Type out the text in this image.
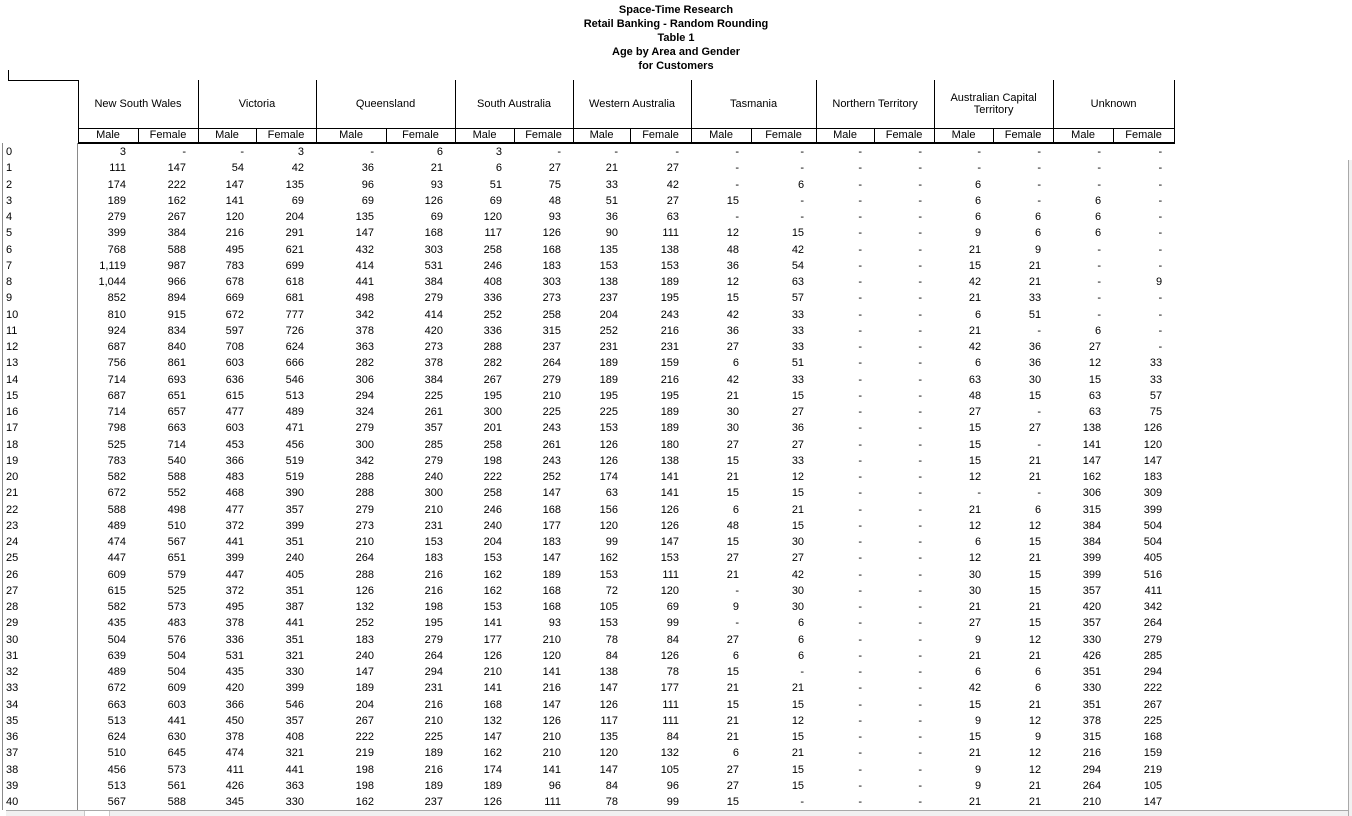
Space-Time Research
Retail Banking - Random Rounding
Table 1
Age by Area and Gender
for Customers
	New South Wales		Victoria		Queensland		South Australia		Western Australia		Tasmania		Northern Territory		Australian Capital Territory		Unknown	
	Male	Female	Male	Female	Male	Female	Male	Female	Male	Female	Male	Female	Male	Female	Male	Female	Male	Female
0	3	-	-	3	-	6	3	-	-	-	-	-	-	-	-	-	-	-
1	111	147	54	42	36	21	6	27	21	27	-	-	-	-	-	-	-	-
2	174	222	147	135	96	93	51	75	33	42	-	6	-	-	6	-	-	-
3	189	162	141	69	69	126	69	48	51	27	15	-	-	-	6	-	6	-
4	279	267	120	204	135	69	120	93	36	63	-	-	-	-	6	6	6	-
5	399	384	216	291	147	168	117	126	90	111	12	15	-	-	9	6	6	-
6	768	588	495	621	432	303	258	168	135	138	48	42	-	-	21	9	-	-
7	1,119	987	783	699	414	531	246	183	153	153	36	54	-	-	15	21	-	-
8	1,044	966	678	618	441	384	408	303	138	189	12	63	-	-	42	21	-	9
9	852	894	669	681	498	279	336	273	237	195	15	57	-	-	21	33	-	-
10	810	915	672	777	342	414	252	258	204	243	42	33	-	-	6	51	-	-
11	924	834	597	726	378	420	336	315	252	216	36	33	-	-	21	-	6	-
12	687	840	708	624	363	273	288	237	231	231	27	33	-	-	42	36	27	-
13	756	861	603	666	282	378	282	264	189	159	6	51	-	-	6	36	12	33
14	714	693	636	546	306	384	267	279	189	216	42	33	-	-	63	30	15	33
15	687	651	615	513	294	225	195	210	195	195	21	15	-	-	48	15	63	57
16	714	657	477	489	324	261	300	225	225	189	30	27	-	-	27	-	63	75
17	798	663	603	471	279	357	201	243	153	189	30	36	-	-	15	27	138	126
18	525	714	453	456	300	285	258	261	126	180	27	27	-	-	15	-	141	120
19	783	540	366	519	342	279	198	243	126	138	15	33	-	-	15	21	147	147
20	582	588	483	519	288	240	222	252	174	141	21	12	-	-	12	21	162	183
21	672	552	468	390	288	300	258	147	63	141	15	15	-	-	-	-	306	309
22	588	498	477	357	279	210	246	168	156	126	6	21	-	-	21	6	315	399
23	489	510	372	399	273	231	240	177	120	126	48	15	-	-	12	12	384	504
24	474	567	441	351	210	153	204	183	99	147	15	30	-	-	6	15	384	504
25	447	651	399	240	264	183	153	147	162	153	27	27	-	-	12	21	399	405
26	609	579	447	405	288	216	162	189	153	111	21	42	-	-	30	15	399	516
27	615	525	372	351	126	216	162	168	72	120	-	30	-	-	30	15	357	411
28	582	573	495	387	132	198	153	168	105	69	9	30	-	-	21	21	420	342
29	435	483	378	441	252	195	141	93	153	99	-	6	-	-	27	15	357	264
30	504	576	336	351	183	279	177	210	78	84	27	6	-	-	9	12	330	279
31	639	504	531	321	240	264	126	120	84	126	6	6	-	-	21	21	426	285
32	489	504	435	330	147	294	210	141	138	78	15	-	-	-	6	6	351	294
33	672	609	420	399	189	231	141	216	147	177	21	21	-	-	42	6	330	222
34	663	603	366	546	204	216	168	147	126	111	15	15	-	-	15	21	351	267
35	513	441	450	357	267	210	132	126	117	111	21	12	-	-	9	12	378	225
36	624	630	378	408	222	225	147	210	135	84	21	15	-	-	15	9	315	168
37	510	645	474	321	219	189	162	210	120	132	6	21	-	-	21	12	216	159
38	456	573	411	441	198	216	174	141	147	105	27	15	-	-	9	12	294	219
39	513	561	426	363	198	189	189	96	84	96	27	15	-	-	9	21	264	105
40	567	588	345	330	162	237	126	111	78	99	15	-	-	-	21	21	210	147
